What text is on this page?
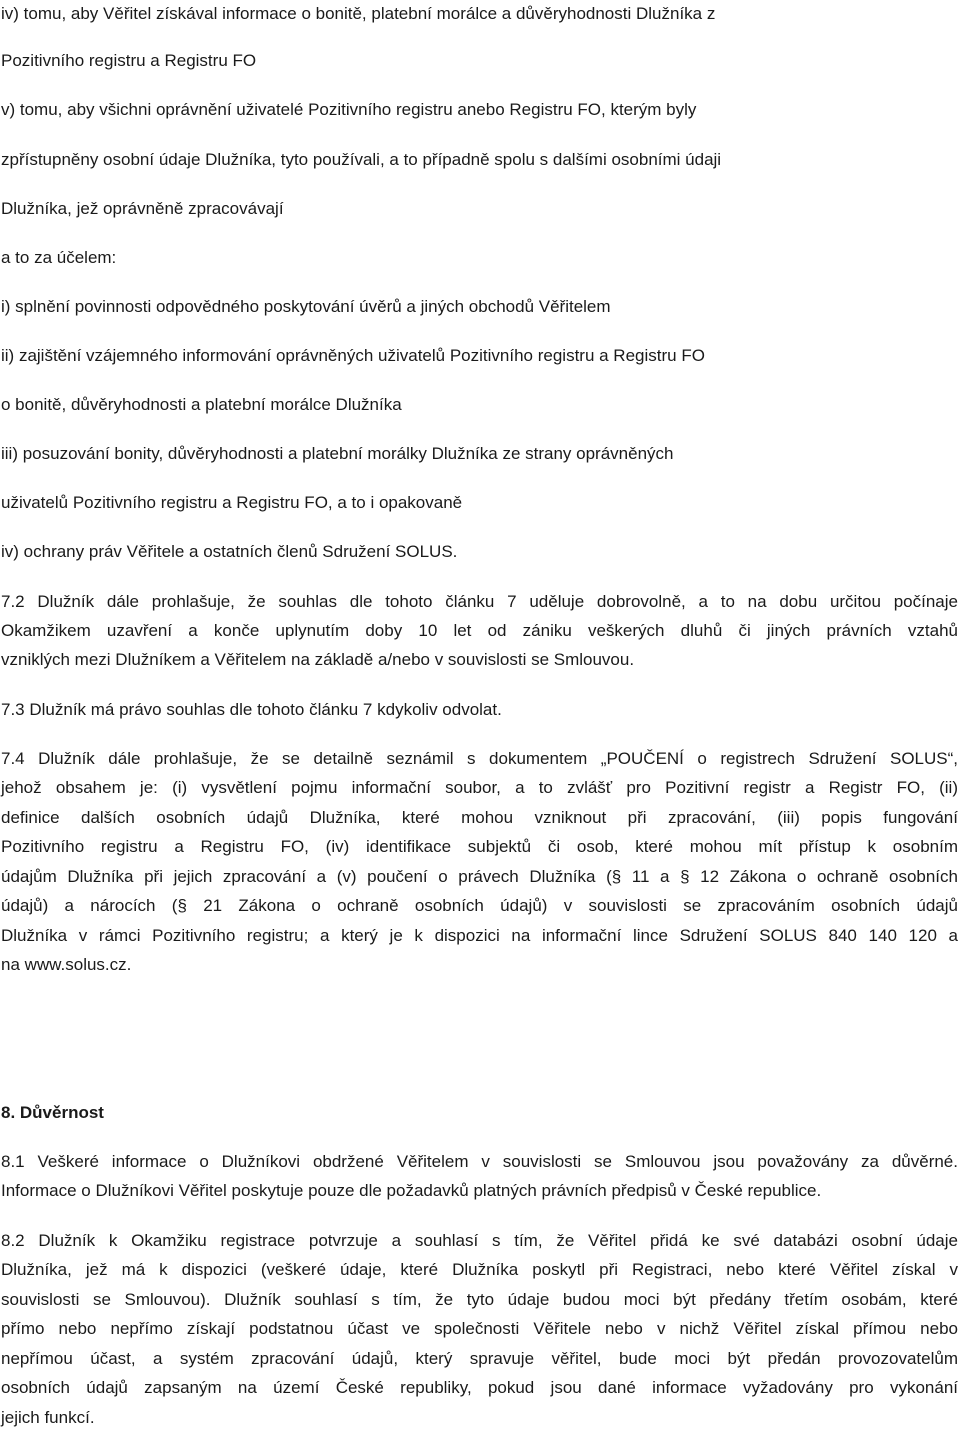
iv) tomu, aby Věřitel získával informace o bonitě, platební morálce a důvěryhodnosti Dlužníka z
Pozitivního registru a Registru FO
v) tomu, aby všichni oprávnění uživatelé Pozitivního registru anebo Registru FO, kterým byly
zpřístupněny osobní údaje Dlužníka, tyto používali, a to případně spolu s dalšími osobními údaji
Dlužníka, jež oprávněně zpracovávají
a to za účelem:
i) splnění povinnosti odpovědného poskytování úvěrů a jiných obchodů Věřitelem
ii) zajištění vzájemného informování oprávněných uživatelů Pozitivního registru a Registru FO
o bonitě, důvěryhodnosti a platební morálce Dlužníka
iii) posuzování bonity, důvěryhodnosti a platební morálky Dlužníka ze strany oprávněných
uživatelů Pozitivního registru a Registru FO, a to i opakovaně
iv) ochrany práv Věřitele a ostatních členů Sdružení SOLUS.
7.2 Dlužník dále prohlašuje, že souhlas dle tohoto článku 7 uděluje dobrovolně, a to na dobu určitou počínaje
Okamžikem uzavření a konče uplynutím doby 10 let od zániku veškerých dluhů či jiných právních vztahů
vzniklých mezi Dlužníkem a Věřitelem na základě a/nebo v souvislosti se Smlouvou.
7.3 Dlužník má právo souhlas dle tohoto článku 7 kdykoliv odvolat.
7.4 Dlužník dále prohlašuje, že se detailně seznámil s dokumentem „POUČENÍ o registrech Sdružení SOLUS“,
jehož obsahem je: (i) vysvětlení pojmu informační soubor, a to zvlášť pro Pozitivní registr a Registr FO, (ii)
definice dalších osobních údajů Dlužníka, které mohou vzniknout při zpracování, (iii) popis fungování
Pozitivního registru a Registru FO, (iv) identifikace subjektů či osob, které mohou mít přístup k osobním
údajům Dlužníka při jejich zpracování a (v) poučení o právech Dlužníka (§ 11 a § 12 Zákona o ochraně osobních
údajů) a nárocích (§ 21 Zákona o ochraně osobních údajů) v souvislosti se zpracováním osobních údajů
Dlužníka v rámci Pozitivního registru; a který je k dispozici na informační lince Sdružení SOLUS 840 140 120 a
na www.solus.cz.
8. Důvěrnost
8.1 Veškeré informace o Dlužníkovi obdržené Věřitelem v souvislosti se Smlouvou jsou považovány za důvěrné.
Informace o Dlužníkovi Věřitel poskytuje pouze dle požadavků platných právních předpisů v České republice.
8.2 Dlužník k Okamžiku registrace potvrzuje a souhlasí s tím, že Věřitel přidá ke své databázi osobní údaje
Dlužníka, jež má k dispozici (veškeré údaje, které Dlužníka poskytl při Registraci, nebo které Věřitel získal v
souvislosti se Smlouvou). Dlužník souhlasí s tím, že tyto údaje budou moci být předány třetím osobám, které
přímo nebo nepřímo získají podstatnou účast ve společnosti Věřitele nebo v nichž Věřitel získal přímou nebo
nepřímou účast, a systém zpracování údajů, který spravuje věřitel, bude moci být předán provozovatelům
osobních údajů zapsaným na území České republiky, pokud jsou dané informace vyžadovány pro vykonání
jejich funkcí.
